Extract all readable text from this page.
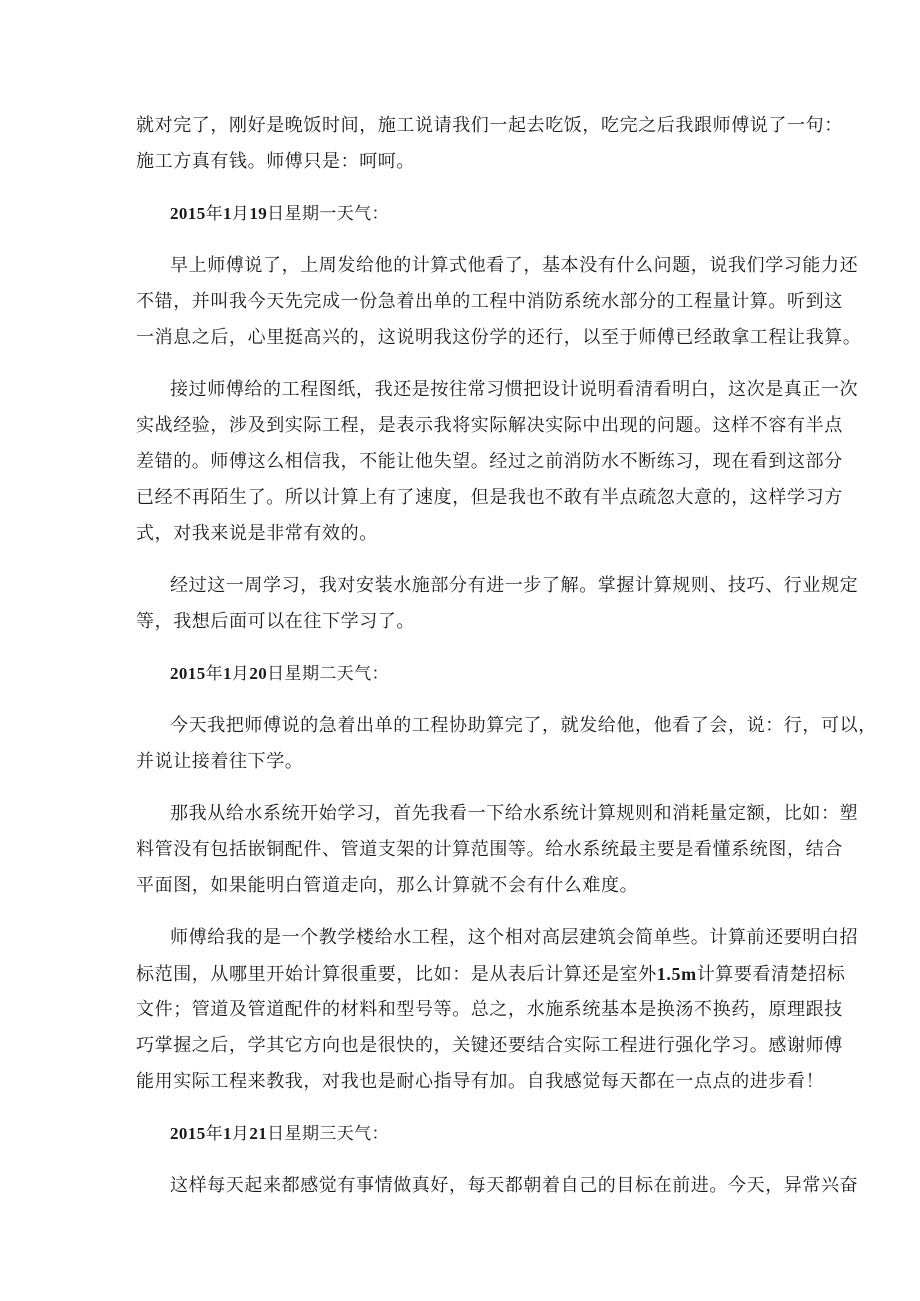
就对完了，刚好是晚饭时间，施工说请我们一起去吃饭，吃完之后我跟师傅说了一句：
施工方真有钱。师傅只是：呵呵。
2015年1月19日星期一天气：
早上师傅说了，上周发给他的计算式他看了，基本没有什么问题，说我们学习能力还
不错，并叫我今天先完成一份急着出单的工程中消防系统水部分的工程量计算。听到这
一消息之后，心里挺高兴的，这说明我这份学的还行，以至于师傅已经敢拿工程让我算。
接过师傅给的工程图纸，我还是按往常习惯把设计说明看清看明白，这次是真正一次
实战经验，涉及到实际工程，是表示我将实际解决实际中出现的问题。这样不容有半点
差错的。师傅这么相信我，不能让他失望。经过之前消防水不断练习，现在看到这部分
已经不再陌生了。所以计算上有了速度，但是我也不敢有半点疏忽大意的，这样学习方
式，对我来说是非常有效的。
经过这一周学习，我对安装水施部分有进一步了解。掌握计算规则、技巧、行业规定
等，我想后面可以在往下学习了。
2015年1月20日星期二天气：
今天我把师傅说的急着出单的工程协助算完了，就发给他，他看了会，说：行，可以，
并说让接着往下学。
那我从给水系统开始学习，首先我看一下给水系统计算规则和消耗量定额，比如：塑
料管没有包括嵌铜配件、管道支架的计算范围等。给水系统最主要是看懂系统图，结合
平面图，如果能明白管道走向，那么计算就不会有什么难度。
师傅给我的是一个教学楼给水工程，这个相对高层建筑会简单些。计算前还要明白招
标范围，从哪里开始计算很重要，比如：是从表后计算还是室外1.5m计算要看清楚招标
文件；管道及管道配件的材料和型号等。总之，水施系统基本是换汤不换药，原理跟技
巧掌握之后，学其它方向也是很快的，关键还要结合实际工程进行强化学习。感谢师傅
能用实际工程来教我，对我也是耐心指导有加。自我感觉每天都在一点点的进步看！
2015年1月21日星期三天气：
这样每天起来都感觉有事情做真好，每天都朝着自己的目标在前进。今天，异常兴奋
